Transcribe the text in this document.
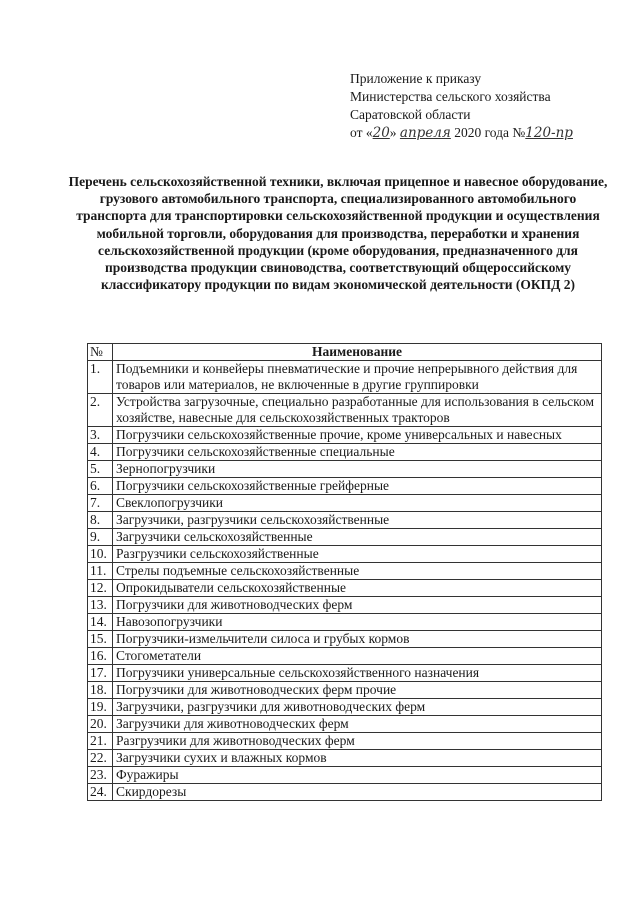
Приложение к приказу
Министерства сельского хозяйства
Саратовской области
от «20» апреля 2020 года №120-пр
Перечень сельскохозяйственной техники, включая прицепное и навесное оборудование, грузового автомобильного транспорта, специализированного автомобильного транспорта для транспортировки сельскохозяйственной продукции и осуществления мобильной торговли, оборудования для производства, переработки и хранения сельскохозяйственной продукции (кроме оборудования, предназначенного для производства продукции свиноводства, соответствующий общероссийскому классификатору продукции по видам экономической деятельности (ОКПД 2)
№	Наименование
1.	Подъемники и конвейеры пневматические и прочие непрерывного действия для товаров или материалов, не включенные в другие группировки
2.	Устройства загрузочные, специально разработанные для использования в сельском хозяйстве, навесные для сельскохозяйственных тракторов
3.	Погрузчики сельскохозяйственные прочие, кроме универсальных и навесных
4.	Погрузчики сельскохозяйственные специальные
5.	Зернопогрузчики
6.	Погрузчики сельскохозяйственные грейферные
7.	Свеклопогрузчики
8.	Загрузчики, разгрузчики сельскохозяйственные
9.	Загрузчики сельскохозяйственные
10.	Разгрузчики сельскохозяйственные
11.	Стрелы подъемные сельскохозяйственные
12.	Опрокидыватели сельскохозяйственные
13.	Погрузчики для животноводческих ферм
14.	Навозопогрузчики
15.	Погрузчики-измельчители силоса и грубых кормов
16.	Стогометатели
17.	Погрузчики универсальные сельскохозяйственного назначения
18.	Погрузчики для животноводческих ферм прочие
19.	Загрузчики, разгрузчики для животноводческих ферм
20.	Загрузчики для животноводческих ферм
21.	Разгрузчики для животноводческих ферм
22.	Загрузчики сухих и влажных кормов
23.	Фуражиры
24.	Скирдорезы
